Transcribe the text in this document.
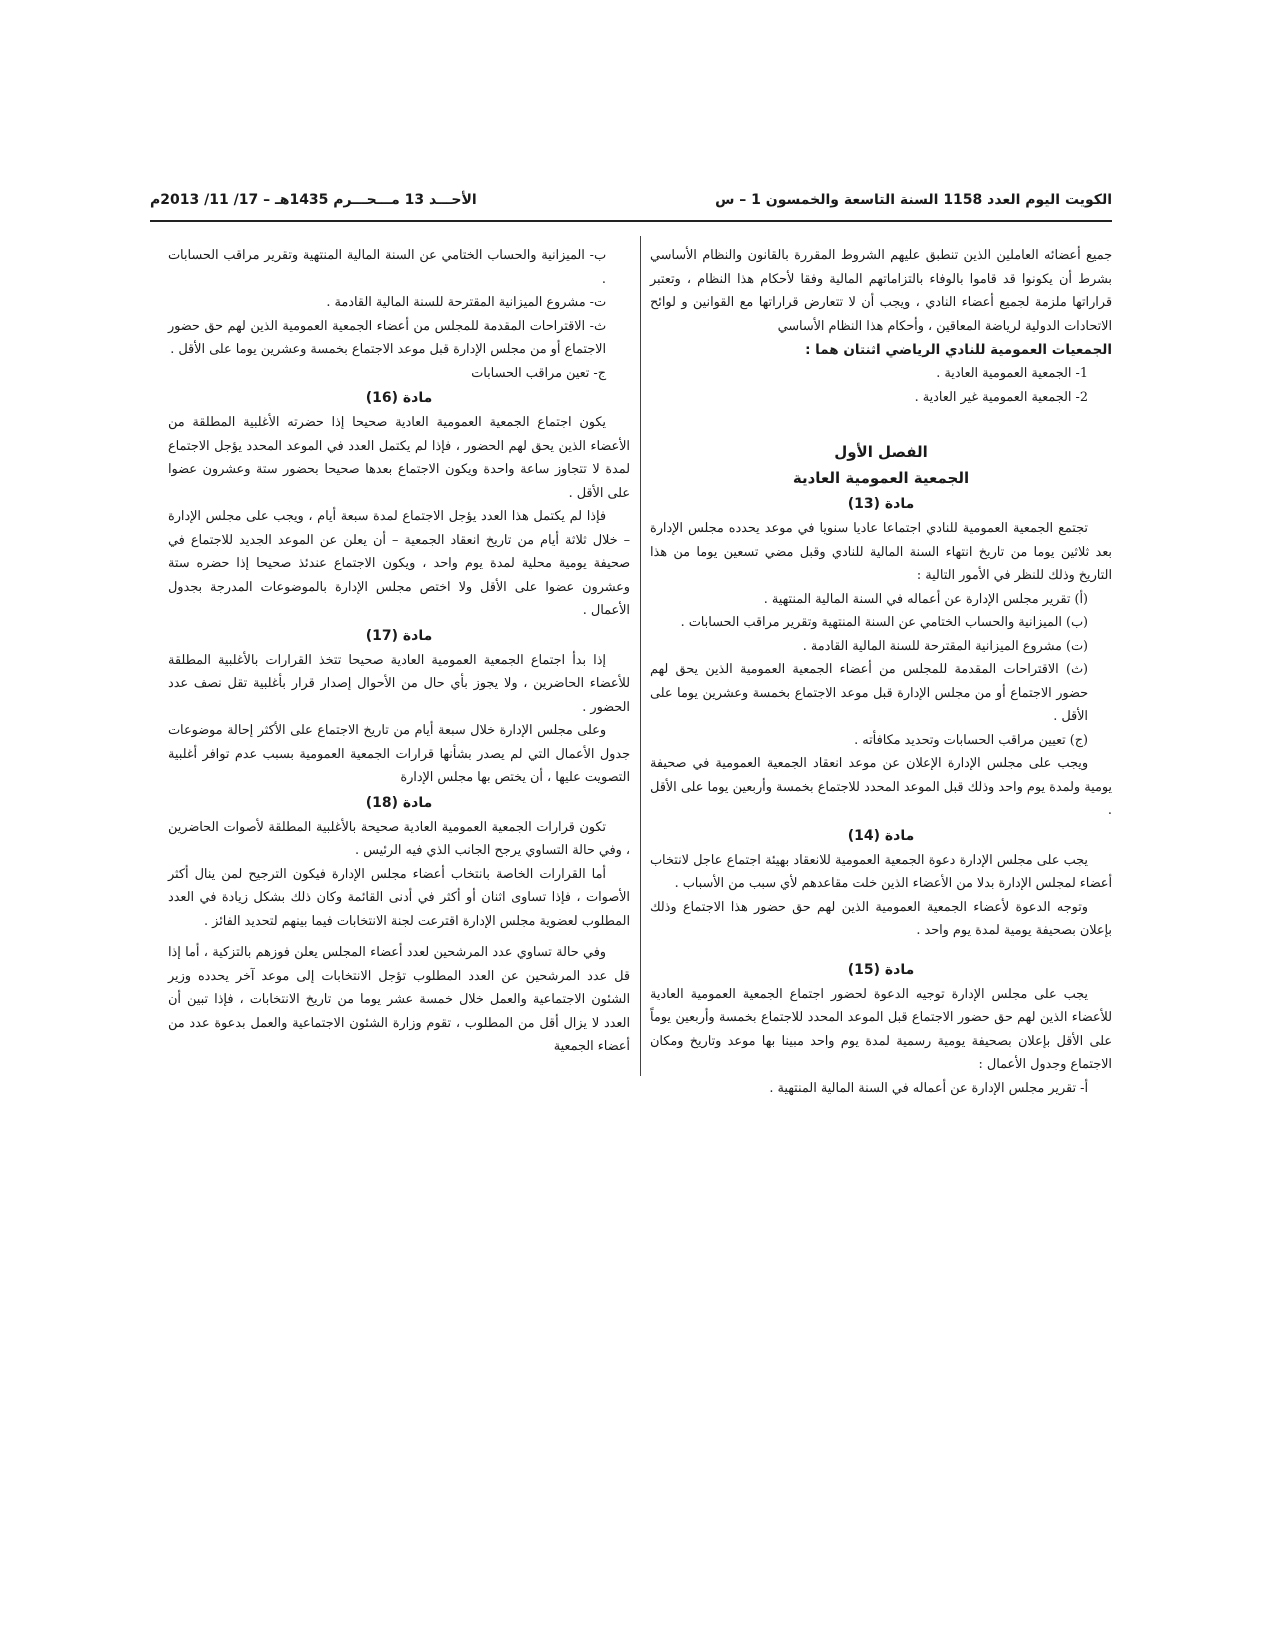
الكويت اليوم العدد 1158 السنة التاسعة والخمسون 1 – س
الأحـــد 13 مـــحـــرم 1435هـ – 17/ 11/ 2013م

جميع أعضائه العاملين الذين تنطبق عليهم الشروط المقررة بالقانون والنظام الأساسي بشرط أن يكونوا قد قاموا بالوفاء بالتزاماتهم المالية وفقا لأحكام هذا النظام ، وتعتبر قراراتها ملزمة لجميع أعضاء النادي ، ويجب أن لا تتعارض قراراتها مع القوانين و لوائح الاتحادات الدولية لرياضة المعاقين ، وأحكام هذا النظام الأساسي

الجمعيات العمومية للنادي الرياضي اثنتان هما :

1- الجمعية العمومية العادية .

2- الجمعية العمومية غير العادية .

الفصل الأول

الجمعية العمومية العادية

مادة (13)

تجتمع الجمعية العمومية للنادي اجتماعا عاديا سنويا في موعد يحدده مجلس الإدارة بعد ثلاثين يوما من تاريخ انتهاء السنة المالية للنادي وقبل مضي تسعين يوما من هذا التاريخ وذلك للنظر في الأمور التالية :

(أ) تقرير مجلس الإدارة عن أعماله في السنة المالية المنتهية .

(ب) الميزانية والحساب الختامي عن السنة المنتهية وتقرير مراقب الحسابات .

(ت) مشروع الميزانية المقترحة للسنة المالية القادمة .

(ث) الاقتراحات المقدمة للمجلس من أعضاء الجمعية العمومية الذين يحق لهم حضور الاجتماع أو من مجلس الإدارة قبل موعد الاجتماع بخمسة وعشرين يوما على الأقل .

(ج) تعيين مراقب الحسابات وتحديد مكافأته .

ويجب على مجلس الإدارة الإعلان عن موعد انعقاد الجمعية العمومية في صحيفة يومية ولمدة يوم واحد وذلك قبل الموعد المحدد للاجتماع بخمسة وأربعين يوما على الأقل .

مادة (14)

يجب على مجلس الإدارة دعوة الجمعية العمومية للانعقاد بهيئة اجتماع عاجل لانتخاب أعضاء لمجلس الإدارة بدلا من الأعضاء الذين خلت مقاعدهم لأي سبب من الأسباب .

وتوجه الدعوة لأعضاء الجمعية العمومية الذين لهم حق حضور هذا الاجتماع وذلك بإعلان بصحيفة يومية لمدة يوم واحد .

مادة (15)

يجب على مجلس الإدارة توجيه الدعوة لحضور اجتماع الجمعية العمومية العادية للأعضاء الذين لهم حق حضور الاجتماع قبل الموعد المحدد للاجتماع بخمسة وأربعين يوماً على الأقل بإعلان بصحيفة يومية رسمية لمدة يوم واحد مبينا بها موعد وتاريخ ومكان الاجتماع وجدول الأعمال :

أ- تقرير مجلس الإدارة عن أعماله في السنة المالية المنتهية .

ب- الميزانية والحساب الختامي عن السنة المالية المنتهية وتقرير مراقب الحسابات .

ت- مشروع الميزانية المقترحة للسنة المالية القادمة .

ث- الاقتراحات المقدمة للمجلس من أعضاء الجمعية العمومية الذين لهم حق حضور الاجتماع أو من مجلس الإدارة قبل موعد الاجتماع بخمسة وعشرين يوما على الأقل .

ج- تعين مراقب الحسابات

مادة (16)

يكون اجتماع الجمعية العمومية العادية صحيحا إذا حضرته الأغلبية المطلقة من الأعضاء الذين يحق لهم الحضور ، فإذا لم يكتمل العدد في الموعد المحدد يؤجل الاجتماع لمدة لا تتجاوز ساعة واحدة ويكون الاجتماع بعدها صحيحا بحضور ستة وعشرون عضوا على الأقل .

فإذا لم يكتمل هذا العدد يؤجل الاجتماع لمدة سبعة أيام ، ويجب على مجلس الإدارة – خلال ثلاثة أيام من تاريخ انعقاد الجمعية – أن يعلن عن الموعد الجديد للاجتماع في صحيفة يومية محلية لمدة يوم واحد ، ويكون الاجتماع عندئذ صحيحا إذا حضره ستة وعشرون عضوا على الأقل ولا اختص مجلس الإدارة بالموضوعات المدرجة بجدول الأعمال .

مادة (17)

إذا بدأ اجتماع الجمعية العمومية العادية صحيحا تتخذ القرارات بالأغلبية المطلقة للأعضاء الحاضرين ، ولا يجوز بأي حال من الأحوال إصدار قرار بأغلبية تقل نصف عدد الحضور .

وعلى مجلس الإدارة خلال سبعة أيام من تاريخ الاجتماع على الأكثر إحالة موضوعات جدول الأعمال التي لم يصدر بشأنها قرارات الجمعية العمومية بسبب عدم توافر أغلبية التصويت عليها ، أن يختص بها مجلس الإدارة

مادة (18)

تكون قرارات الجمعية العمومية العادية صحيحة بالأغلبية المطلقة لأصوات الحاضرين ، وفي حالة التساوي يرجح الجانب الذي فيه الرئيس .

أما القرارات الخاصة بانتخاب أعضاء مجلس الإدارة فيكون الترجيح لمن ينال أكثر الأصوات ، فإذا تساوى اثنان أو أكثر في أدنى القائمة وكان ذلك بشكل زيادة في العدد المطلوب لعضوية مجلس الإدارة اقترعت لجنة الانتخابات فيما بينهم لتحديد الفائز .

وفي حالة تساوي عدد المرشحين لعدد أعضاء المجلس يعلن فوزهم بالتزكية ، أما إذا قل عدد المرشحين عن العدد المطلوب تؤجل الانتخابات إلى موعد آخر يحدده وزير الشئون الاجتماعية والعمل خلال خمسة عشر يوما من تاريخ الانتخابات ، فإذا تبين أن العدد لا يزال أقل من المطلوب ، تقوم وزارة الشئون الاجتماعية والعمل بدعوة عدد من أعضاء الجمعية
